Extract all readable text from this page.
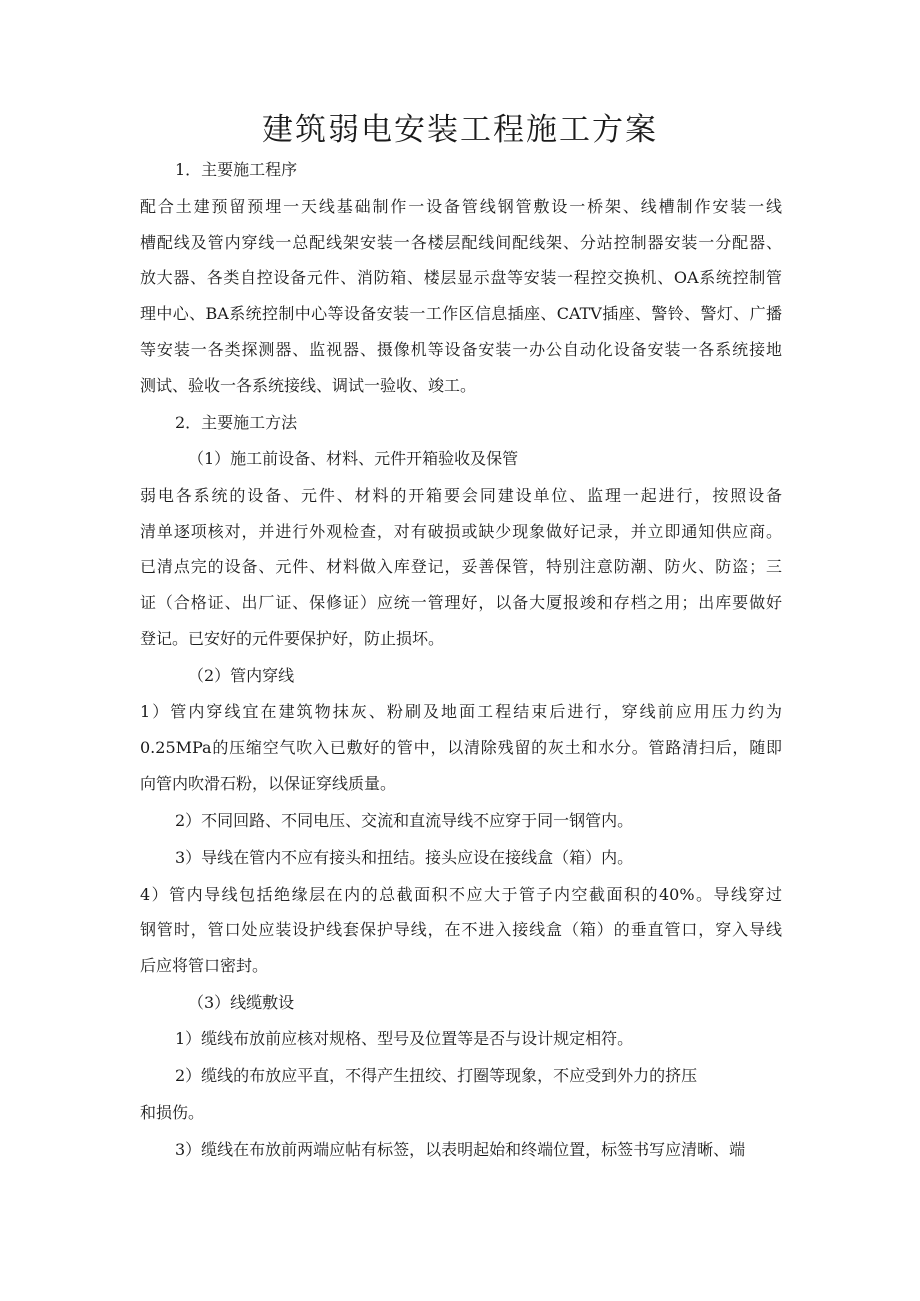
建筑弱电安装工程施工方案
1．主要施工程序
配合土建预留预埋一天线基础制作一设备管线钢管敷设一桥架、线槽制作安装一线
槽配线及管内穿线一总配线架安装一各楼层配线间配线架、分站控制器安装一分配器、
放大器、各类自控设备元件、消防箱、楼层显示盘等安装一程控交换机、OA系统控制管
理中心、BA系统控制中心等设备安装一工作区信息插座、CATV插座、警铃、警灯、广播
等安装一各类探测器、监视器、摄像机等设备安装一办公自动化设备安装一各系统接地
测试、验收一各系统接线、调试一验收、竣工。
2．主要施工方法
（1）施工前设备、材料、元件开箱验收及保管
弱电各系统的设备、元件、材料的开箱要会同建设单位、监理一起进行，按照设备
清单逐项核对，并进行外观检查，对有破损或缺少现象做好记录，并立即通知供应商。
已清点完的设备、元件、材料做入库登记，妥善保管，特别注意防潮、防火、防盗；三
证（合格证、出厂证、保修证）应统一管理好，以备大厦报竣和存档之用；出库要做好
登记。已安好的元件要保护好，防止损坏。
（2）管内穿线
1）管内穿线宜在建筑物抹灰、粉刷及地面工程结束后进行，穿线前应用压力约为
0.25MPa的压缩空气吹入已敷好的管中，以清除残留的灰土和水分。管路清扫后，随即
向管内吹滑石粉，以保证穿线质量。
2）不同回路、不同电压、交流和直流导线不应穿于同一钢管内。
3）导线在管内不应有接头和扭结。接头应设在接线盒（箱）内。
4）管内导线包括绝缘层在内的总截面积不应大于管子内空截面积的40%。导线穿过
钢管时，管口处应装设护线套保护导线，在不进入接线盒（箱）的垂直管口，穿入导线
后应将管口密封。
（3）线缆敷设
1）缆线布放前应核对规格、型号及位置等是否与设计规定相符。
2）缆线的布放应平直，不得产生扭绞、打圈等现象，不应受到外力的挤压
和损伤。
3）缆线在布放前两端应帖有标签，以表明起始和终端位置，标签书写应清晰、端
